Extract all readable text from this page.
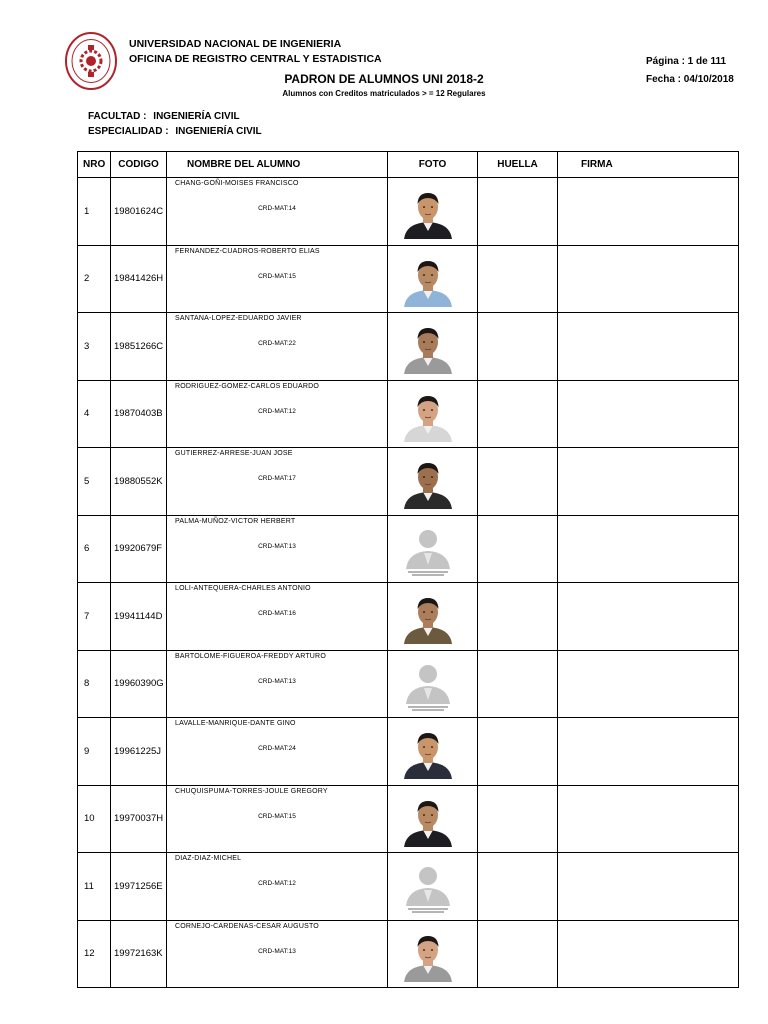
UNIVERSIDAD NACIONAL DE INGENIERIA
OFICINA DE REGISTRO CENTRAL Y ESTADISTICA
PADRON DE ALUMNOS UNI 2018-2
Alumnos con Creditos matriculados > = 12 Regulares
Página : 1 de 111
Fecha : 04/10/2018
FACULTAD : INGENIERÍA CIVIL
ESPECIALIDAD : INGENIERÍA CIVIL
NRO	CODIGO	NOMBRE DEL ALUMNO	FOTO	HUELLA	FIRMA
1	19801624C
CHANG-GOÑI-MOISES FRANCISCO
CRD-MAT:14
2	19841426H
FERNANDEZ-CUADROS-ROBERTO ELIAS
CRD-MAT:15
3	19851266C
SANTANA-LOPEZ-EDUARDO JAVIER
CRD-MAT:22
4	19870403B
RODRIGUEZ-GOMEZ-CARLOS EDUARDO
CRD-MAT:12
5	19880552K
GUTIERREZ-ARRESE-JUAN JOSE
CRD-MAT:17
6	19920679F
PALMA-MUÑOZ-VICTOR HERBERT
CRD-MAT:13
7	19941144D
LOLI-ANTEQUERA-CHARLES ANTONIO
CRD-MAT:16
8	19960390G
BARTOLOME-FIGUEROA-FREDDY ARTURO
CRD-MAT:13
9	19961225J
LAVALLE-MANRIQUE-DANTE GINO
CRD-MAT:24
10	19970037H
CHUQUISPUMA-TORRES-JOULE GREGORY
CRD-MAT:15
11	19971256E
DIAZ-DIAZ-MICHEL
CRD-MAT:12
12	19972163K
CORNEJO-CARDENAS-CESAR AUGUSTO
CRD-MAT:13
